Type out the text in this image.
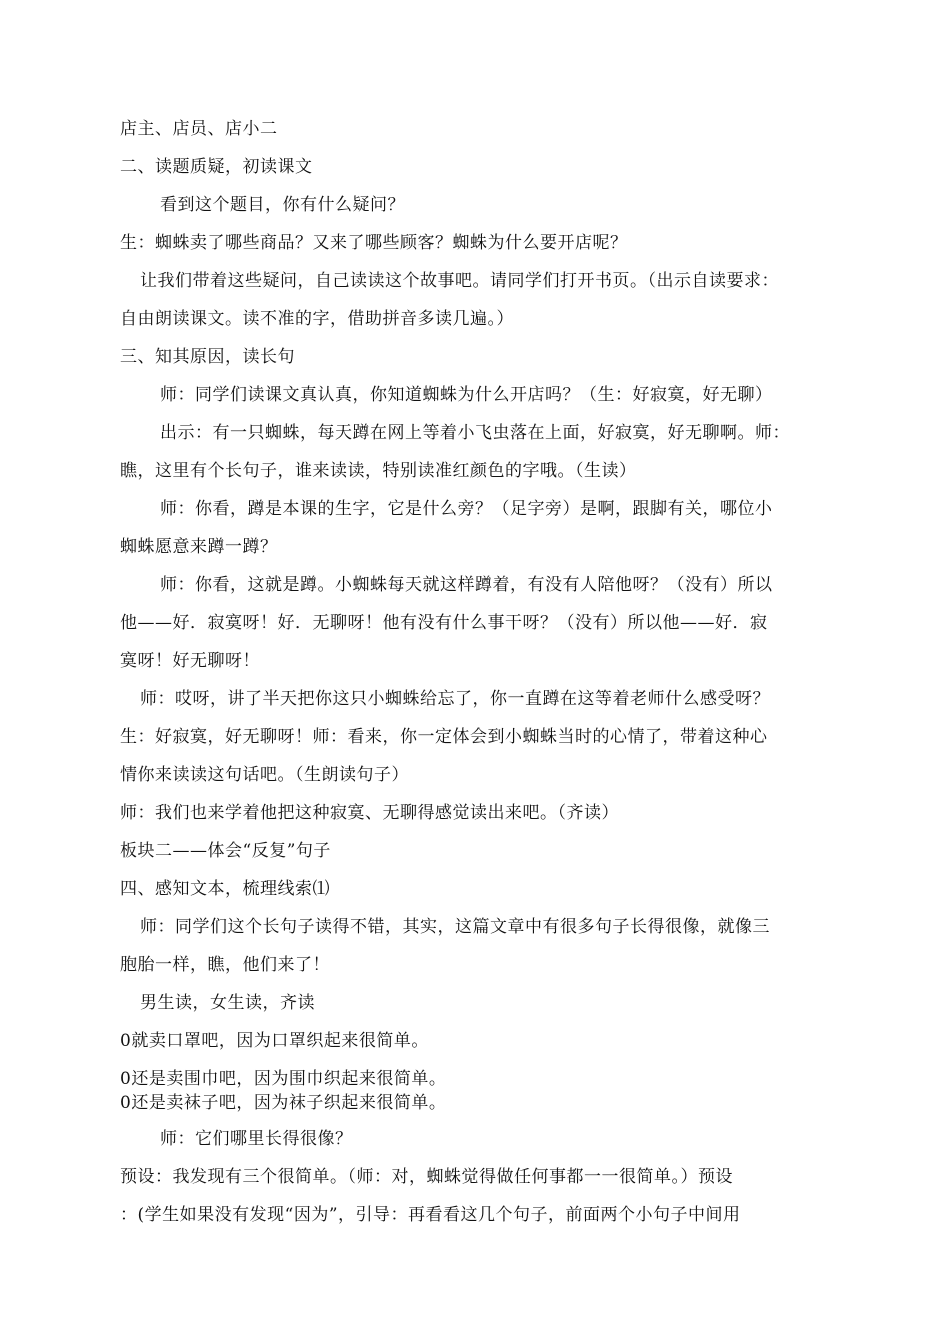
店主、店员、店小二
二、读题质疑，初读课文
看到这个题目，你有什么疑问？
生：蜘蛛卖了哪些商品？又来了哪些顾客？蜘蛛为什么要开店呢？
让我们带着这些疑问，自己读读这个故事吧。请同学们打开书页。（出示自读要求：
自由朗读课文。读不准的字，借助拼音多读几遍。）
三、知其原因，读长句
师：同学们读课文真认真，你知道蜘蛛为什么开店吗？（生：好寂寞，好无聊）
出示：有一只蜘蛛，每天蹲在网上等着小飞虫落在上面，好寂寞，好无聊啊。师：
瞧，这里有个长句子，谁来读读，特别读准红颜色的字哦。（生读）
师：你看，蹲是本课的生字，它是什么旁？（足字旁）是啊，跟脚有关，哪位小
蜘蛛愿意来蹲一蹲？
师：你看，这就是蹲。小蜘蛛每天就这样蹲着，有没有人陪他呀？（没有）所以
他——好．寂寞呀！好．无聊呀！他有没有什么事干呀？（没有）所以他——好．寂
寞呀！好无聊呀！
师：哎呀，讲了半天把你这只小蜘蛛给忘了，你一直蹲在这等着老师什么感受呀？
生：好寂寞，好无聊呀！师：看来，你一定体会到小蜘蛛当时的心情了，带着这种心
情你来读读这句话吧。（生朗读句子）
师：我们也来学着他把这种寂寞、无聊得感觉读出来吧。（齐读）
板块二——体会“反复”句子
四、感知文本，梳理线索⑴
师：同学们这个长句子读得不错，其实，这篇文章中有很多句子长得很像，就像三
胞胎一样，瞧，他们来了！
男生读，女生读，齐读
0就卖口罩吧，因为口罩织起来很简单。
0还是卖围巾吧，因为围巾织起来很简单。
0还是卖袜子吧，因为袜子织起来很简单。
师：它们哪里长得很像？
预设：我发现有三个很简单。（师：对，蜘蛛觉得做任何事都一一很简单。）预设
：(学生如果没有发现“因为”，引导：再看看这几个句子，前面两个小句子中间用
